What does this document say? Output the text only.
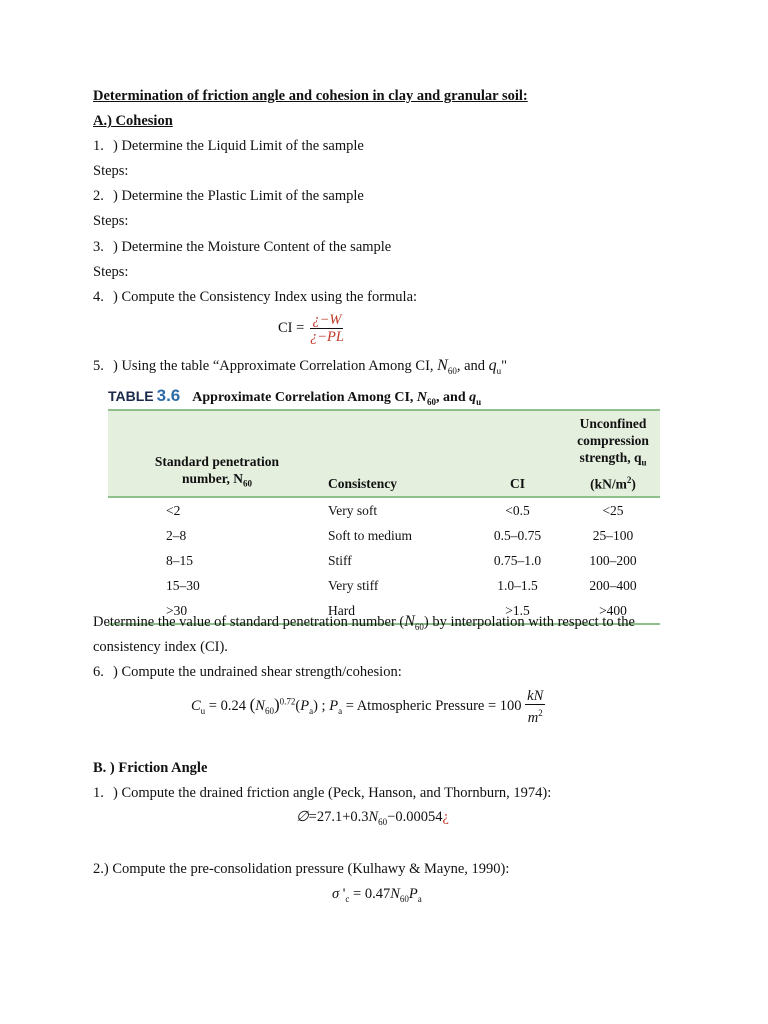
Determination of friction angle and cohesion in clay and granular soil:
A.) Cohesion
1. ) Determine the Liquid Limit of the sample
Steps:
2. ) Determine the Plastic Limit of the sample
Steps:
3. ) Determine the Moisture Content of the sample
Steps:
4. ) Compute the Consistency Index using the formula:
CI = $\frac{¿-W}{¿-PL}$
5. ) Using the table “Approximate Correlation Among CI, $N_{60}$, and $q_u$"
TABLE 3.6 Approximate Correlation Among CI, $N_{60}$, and $q_u$
Standard penetration
number, $N_{60}$	Consistency	CI	Unconfined compression
strength, $q_u$
$(kN/m^2)$
<2	Very soft	<0.5	<25
2–8	Soft to medium	0.5–0.75	25–100
8–15	Stiff	0.75–1.0	100–200
15–30	Very stiff	1.0–1.5	200–400
>30	Hard	>1.5	>400
Determine the value of standard penetration number $(N_{60})$ by interpolation with respect to the
consistency index (CI).
6. ) Compute the undrained shear strength/cohesion:
$C_u = 0.24$ $(N_{60})^{0.72}(P_a)$ ; $P_a$ = Atmospheric Pressure = $100 \frac{kN}{m^2}$
B. ) Friction Angle
1. ) Compute the drained friction angle (Peck, Hanson, and Thornburn, 1974):
$\emptyset=27.1+0.3N_{60}-0.00054¿$
2.) Compute the pre-consolidation pressure (Kulhawy & Mayne, 1990):
σ '$_c = 0.47N_{60}P_a$
